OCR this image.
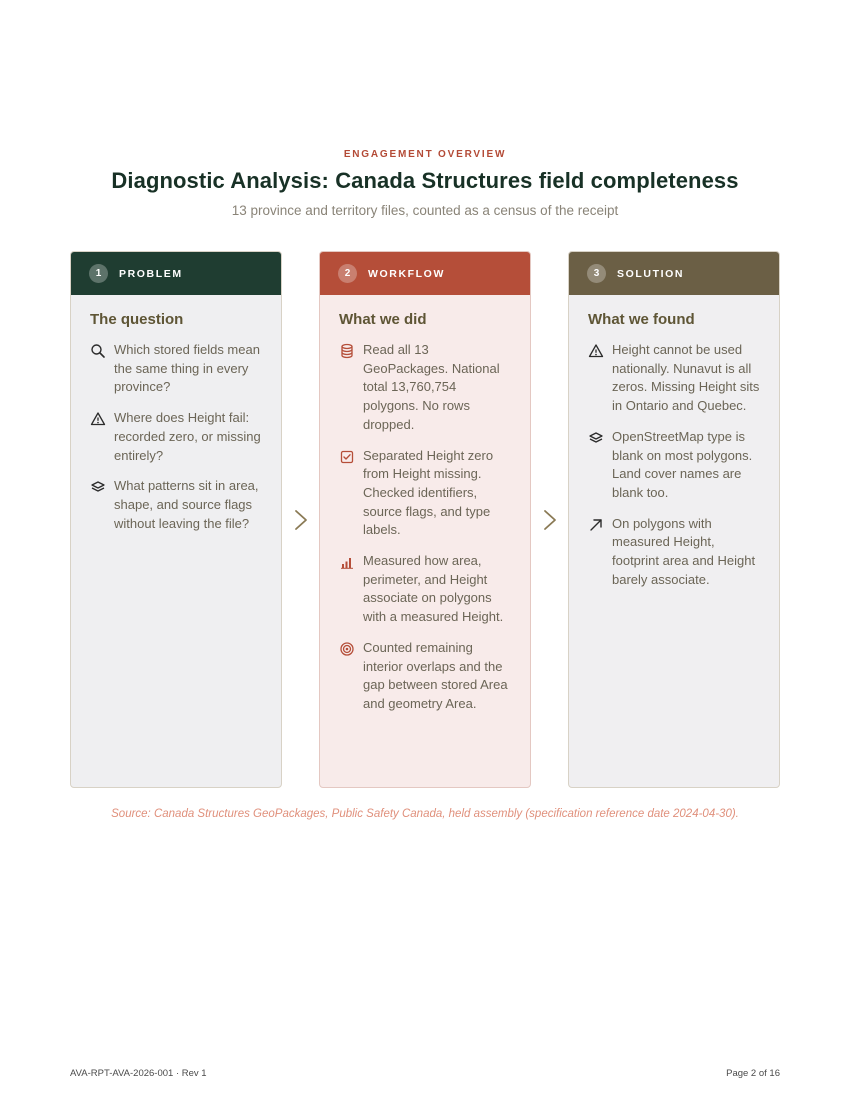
ENGAGEMENT OVERVIEW
Diagnostic Analysis: Canada Structures field completeness
13 province and territory files, counted as a census of the receipt
1	PROBLEM
The question
Which stored fields mean the same thing in every province?
Where does Height fail: recorded zero, or missing entirely?
What patterns sit in area, shape, and source flags without leaving the file?
2	WORKFLOW
What we did
Read all 13 GeoPackages. National total 13,760,754 polygons. No rows dropped.
Separated Height zero from Height missing. Checked identifiers, source flags, and type labels.
Measured how area, perimeter, and Height associate on polygons with a measured Height.
Counted remaining interior overlaps and the gap between stored Area and geometry Area.
3	SOLUTION
What we found
Height cannot be used nationally. Nunavut is all zeros. Missing Height sits in Ontario and Quebec.
OpenStreetMap type is blank on most polygons. Land cover names are blank too.
On polygons with measured Height, footprint area and Height barely associate.
Source: Canada Structures GeoPackages, Public Safety Canada, held assembly (specification reference date 2024-04-30).
AVA-RPT-AVA-2026-001 · Rev 1	Page 2 of 16
